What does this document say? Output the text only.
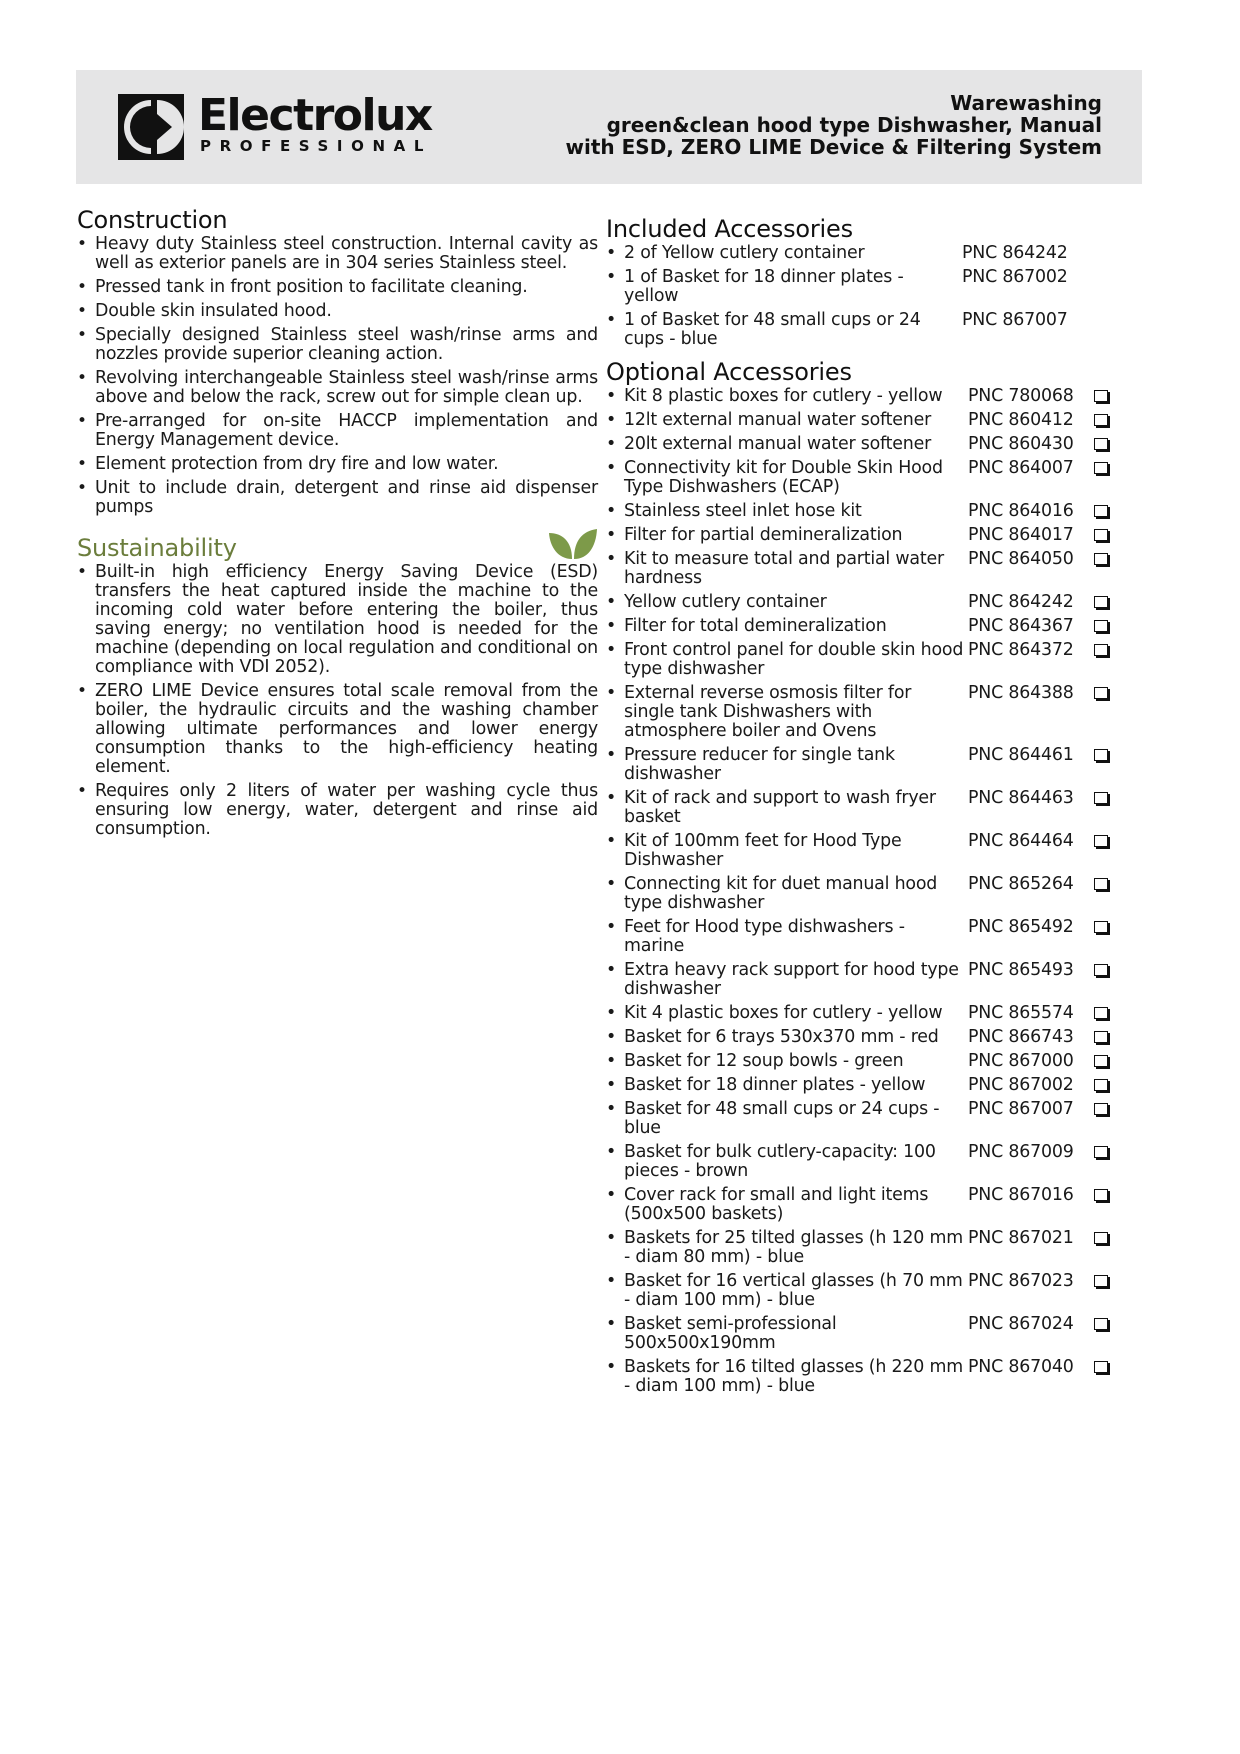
Electrolux
PROFESSIONAL
Warewashing
green&clean hood type Dishwasher, Manual
with ESD, ZERO LIME Device & Filtering System
Construction
• Heavy duty Stainless steel construction. Internal cavity as well as exterior panels are in 304 series Stainless steel.
• Pressed tank in front position to facilitate cleaning.
• Double skin insulated hood.
• Specially designed Stainless steel wash/rinse arms and nozzles provide superior cleaning action.
• Revolving interchangeable Stainless steel wash/rinse arms above and below the rack, screw out for simple clean up.
• Pre-arranged for on-site HACCP implementation and Energy Management device.
• Element protection from dry fire and low water.
• Unit to include drain, detergent and rinse aid dispenser pumps
Sustainability
• Built-in high efficiency Energy Saving Device (ESD) transfers the heat captured inside the machine to the incoming cold water before entering the boiler, thus saving energy; no ventilation hood is needed for the machine (depending on local regulation and conditional on compliance with VDI 2052).
• ZERO LIME Device ensures total scale removal from the boiler, the hydraulic circuits and the washing chamber allowing ultimate performances and lower energy consumption thanks to the high-efficiency heating element.
• Requires only 2 liters of water per washing cycle thus ensuring low energy, water, detergent and rinse aid consumption.
Included Accessories
• 2 of Yellow cutlery container	PNC 864242
• 1 of Basket for 18 dinner plates - yellow
PNC 867002
• 1 of Basket for 48 small cups or 24 cups - blue
PNC 867007
Optional Accessories
• Kit 8 plastic boxes for cutlery - yellow	PNC 780068
• 12lt external manual water softener	PNC 860412
• 20lt external manual water softener	PNC 860430
• Connectivity kit for Double Skin Hood Type Dishwashers (ECAP)
PNC 864007
• Stainless steel inlet hose kit	PNC 864016
• Filter for partial demineralization	PNC 864017
• Kit to measure total and partial water hardness
PNC 864050
• Yellow cutlery container	PNC 864242
• Filter for total demineralization	PNC 864367
• Front control panel for double skin hood type dishwasher
PNC 864372
• External reverse osmosis filter for single tank Dishwashers with atmosphere boiler and Ovens
PNC 864388
• Pressure reducer for single tank dishwasher
PNC 864461
• Kit of rack and support to wash fryer basket
PNC 864463
• Kit of 100mm feet for Hood Type Dishwasher
PNC 864464
• Connecting kit for duet manual hood type dishwasher
PNC 865264
• Feet for Hood type dishwashers - marine
PNC 865492
• Extra heavy rack support for hood type dishwasher
PNC 865493
• Kit 4 plastic boxes for cutlery - yellow	PNC 865574
• Basket for 6 trays 530x370 mm - red	PNC 866743
• Basket for 12 soup bowls - green	PNC 867000
• Basket for 18 dinner plates - yellow	PNC 867002
• Basket for 48 small cups or 24 cups - blue
PNC 867007
• Basket for bulk cutlery-capacity: 100 pieces - brown
PNC 867009
• Cover rack for small and light items (500x500 baskets)
PNC 867016
• Baskets for 25 tilted glasses (h 120 mm - diam 80 mm) - blue
PNC 867021
• Basket for 16 vertical glasses (h 70 mm - diam 100 mm) - blue
PNC 867023
• Basket semi-professional 500x500x190mm
PNC 867024
• Baskets for 16 tilted glasses (h 220 mm - diam 100 mm) - blue
PNC 867040
